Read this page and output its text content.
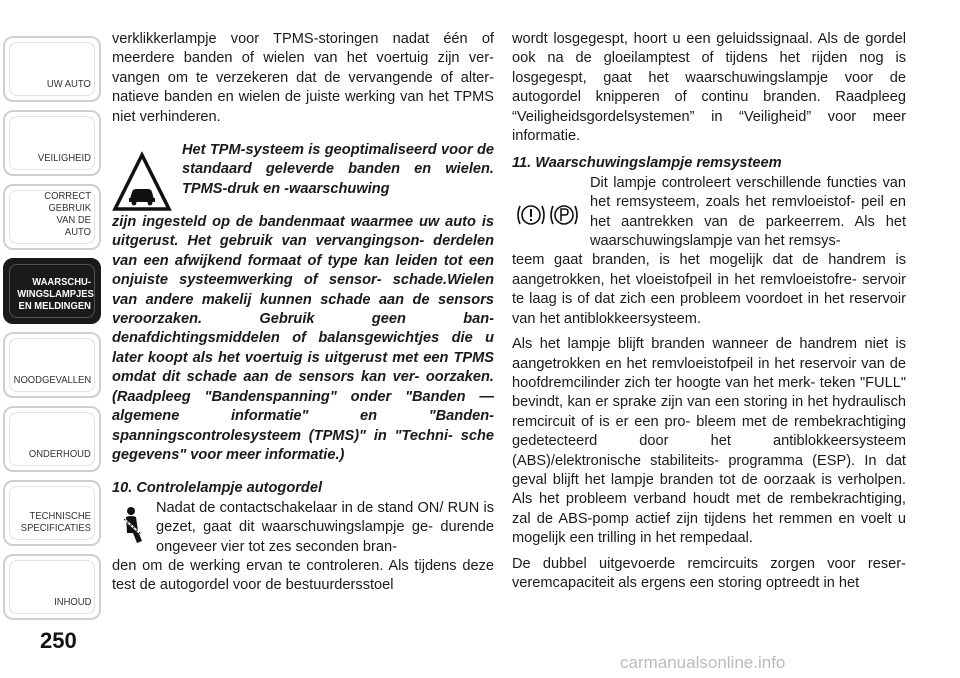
UW AUTO
VEILIGHEID
CORRECT GEBRUIK VAN DE AUTO
WAARSCHU- WINGSLAMPJES EN MELDINGEN
NOODGEVALLEN
ONDERHOUD
TECHNISCHE SPECIFICATIES
INHOUD
250
carmanualsonline.info

verklikkerlampje voor TPMS-storingen nadat één of meerdere banden of wielen van het voertuig zijn ver- vangen om te verzekeren dat de vervangende of alter- natieve banden en wielen de juiste werking van het TPMS niet verhinderen.

Het TPM-systeem is geoptimaliseerd voor de standaard geleverde banden en wielen. TPMS-druk en -waarschuwing

zijn ingesteld op de bandenmaat waarmee uw auto is uitgerust. Het gebruik van vervangingson- derdelen van een afwijkend formaat of type kan leiden tot een onjuiste systeemwerking of sensor- schade.Wielen van andere makelij kunnen schade aan de sensors veroorzaken. Gebruik geen ban- denafdichtingsmiddelen of balansgewichtjes die u later koopt als het voertuig is uitgerust met een TPMS omdat dit schade aan de sensors kan ver- oorzaken. (Raadpleeg "Bandenspanning" onder "Banden — algemene informatie" en "Banden- spanningscontrolesysteem (TPMS)" in "Techni- sche gegevens" voor meer informatie.)

10. Controlelampje autogordel

Nadat de contactschakelaar in de stand ON/ RUN is gezet, gaat dit waarschuwingslampje ge- durende ongeveer vier tot zes seconden bran-

den om de werking ervan te controleren. Als tijdens deze test de autogordel voor de bestuurdersstoel

wordt losgegespt, hoort u een geluidssignaal. Als de gordel ook na de gloeilamptest of tijdens het rijden nog is losgegespt, gaat het waarschuwingslampje voor de autogordel knipperen of continu branden. Raadpleeg “Veiligheidsgordelsystemen” in “Veiligheid” voor meer informatie.

11. Waarschuwingslampje remsysteem

Dit lampje controleert verschillende functies van het remsysteem, zoals het remvloeistof- peil en het aantrekken van de parkeerrem. Als het waarschuwingslampje van het remsys-

teem gaat branden, is het mogelijk dat de handrem is aangetrokken, het vloeistofpeil in het remvloeistofre- servoir te laag is of dat zich een probleem voordoet in het reservoir van het antiblokkeersysteem.

Als het lampje blijft branden wanneer de handrem niet is aangetrokken en het remvloeistofpeil in het reservoir van de hoofdremcilinder zich ter hoogte van het merk- teken "FULL" bevindt, kan er sprake zijn van een storing in het hydraulisch remcircuit of is er een pro- bleem met de rembekrachtiging gedetecteerd door het antiblokkeersysteem (ABS)/elektronische stabiliteits- programma (ESP). In dat geval blijft het lampje branden tot de oorzaak is verholpen. Als het probleem verband houdt met de rembekrachtiging, zal de ABS-pomp actief zijn tijdens het remmen en voelt u mogelijk een trilling in het rempedaal.

De dubbel uitgevoerde remcircuits zorgen voor reser- veremcapaciteit als ergens een storing optreedt in het
